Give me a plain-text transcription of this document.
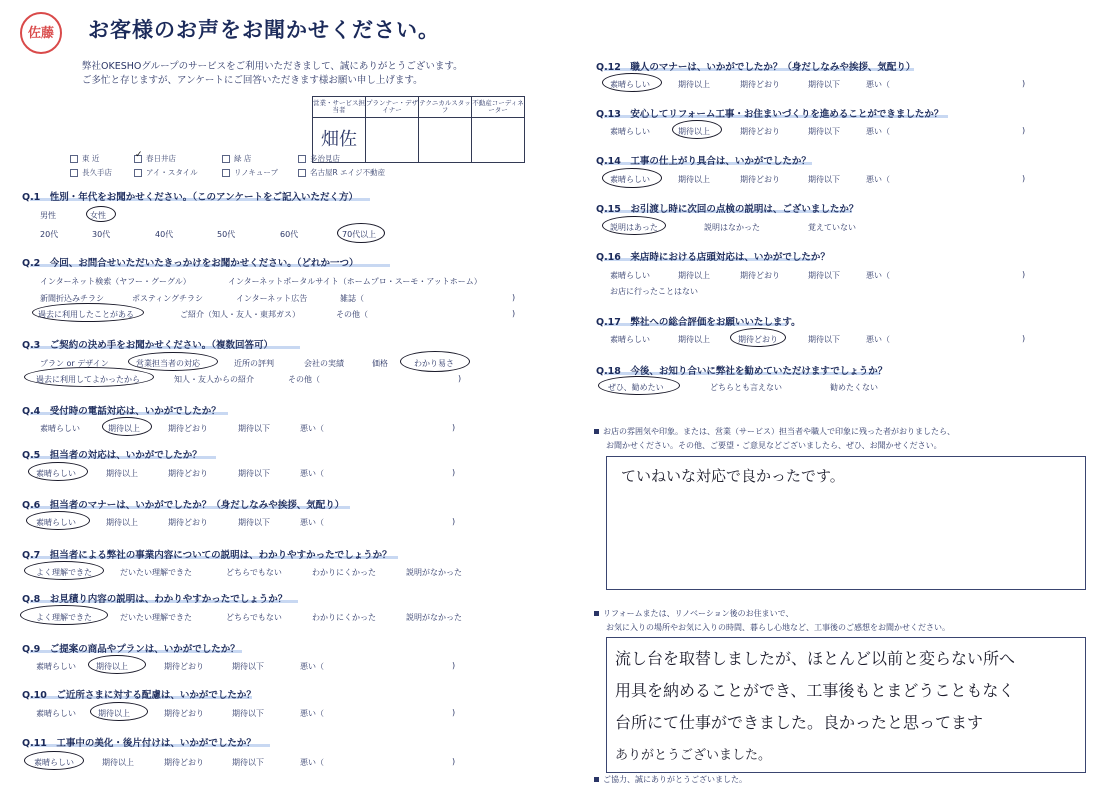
佐藤 お客様のお声をお聞かせください。
弊社OKESHOグループのサービスをご利用いただきまして、誠にありがとうございます。
ご多忙と存じますが、アンケートにご回答いただきます様お願い申し上げます。
営業・サービス担当者	プランナー・デザイナー	テクニカルスタッフ	不動産コーディネーター
畑佐			
東 近	✓ 春日井店	緑 店	多治見店
長久手店	アイ・スタイル	リノキューブ	名古屋R エイジ不動産
Q.1　性別・年代をお聞かせください。（このアンケートをご記入いただく方）
男性	女性
20代	30代	40代	50代	60代	70代以上
Q.2　今回、お問合せいただいたきっかけをお聞かせください。（どれか一つ）
インターネット検索（ヤフー・グーグル）	インターネットポータルサイト（ホームプロ・スーモ・アットホーム）
新聞折込みチラシ	ポスティングチラシ	インターネット広告	雑誌（	)
過去に利用したことがある	ご紹介（知人・友人・東邦ガス）	その他（	)
Q.3　ご契約の決め手をお聞かせください。（複数回答可）
プラン or デザイン	営業担当者の対応	近所の評判	会社の実績	価格	わかり易さ
過去に利用してよかったから	知人・友人からの紹介	その他（	)
Q.4　受付時の電話対応は、いかがでしたか？
素晴らしい	期待以上	期待どおり	期待以下	悪い（	)
Q.5　担当者の対応は、いかがでしたか？
素晴らしい	期待以上	期待どおり	期待以下	悪い（	)
Q.6　担当者のマナーは、いかがでしたか？（身だしなみや挨拶、気配り）
素晴らしい	期待以上	期待どおり	期待以下	悪い（	)
Q.7　担当者による弊社の事業内容についての説明は、わかりやすかったでしょうか？
よく理解できた	だいたい理解できた	どちらでもない	わかりにくかった	説明がなかった
Q.8　お見積り内容の説明は、わかりやすかったでしょうか？
よく理解できた	だいたい理解できた	どちらでもない	わかりにくかった	説明がなかった
Q.9　ご提案の商品やプランは、いかがでしたか？
素晴らしい	期待以上	期待どおり	期待以下	悪い（	)
Q.10　ご近所さまに対する配慮は、いかがでしたか？
素晴らしい	期待以上	期待どおり	期待以下	悪い（	)
Q.11　工事中の美化・後片付けは、いかがでしたか？
素晴らしい	期待以上	期待どおり	期待以下	悪い（	)
Q.12　職人のマナーは、いかがでしたか？（身だしなみや挨拶、気配り）
素晴らしい	期待以上	期待どおり	期待以下	悪い（	)
Q.13　安心してリフォーム工事・お住まいづくりを進めることができましたか？
素晴らしい	期待以上	期待どおり	期待以下	悪い（	)
Q.14　工事の仕上がり具合は、いかがでしたか？
素晴らしい	期待以上	期待どおり	期待以下	悪い（	)
Q.15　お引渡し時に次回の点検の説明は、ございましたか？
説明はあった	説明はなかった	覚えていない
Q.16　来店時における店頭対応は、いかがでしたか？
素晴らしい	期待以上	期待どおり	期待以下	悪い（	)
お店に行ったことはない
Q.17　弊社への総合評価をお願いいたします。
素晴らしい	期待以上	期待どおり	期待以下	悪い（	)
Q.18　今後、お知り合いに弊社を勧めていただけますでしょうか？
ぜひ、勧めたい	どちらとも言えない	勧めたくない
お店の雰囲気や印象。または、営業（サービス）担当者や職人で印象に残った者がおりましたら、
お聞かせください。その他、ご要望・ご意見などございましたら、ぜひ、お聞かせください。
ていねいな対応で良かったです。
リフォームまたは、リノベーション後のお住まいで、
お気に入りの場所やお気に入りの時間、暮らし心地など、工事後のご感想をお聞かせください。
流し台を取替しましたが、ほとんど以前と変らない所へ
用具を納めることができ、工事後もとまどうこともなく
台所にて仕事ができました。良かったと思ってます
ありがとうございました。
ご協力、誠にありがとうございました。
